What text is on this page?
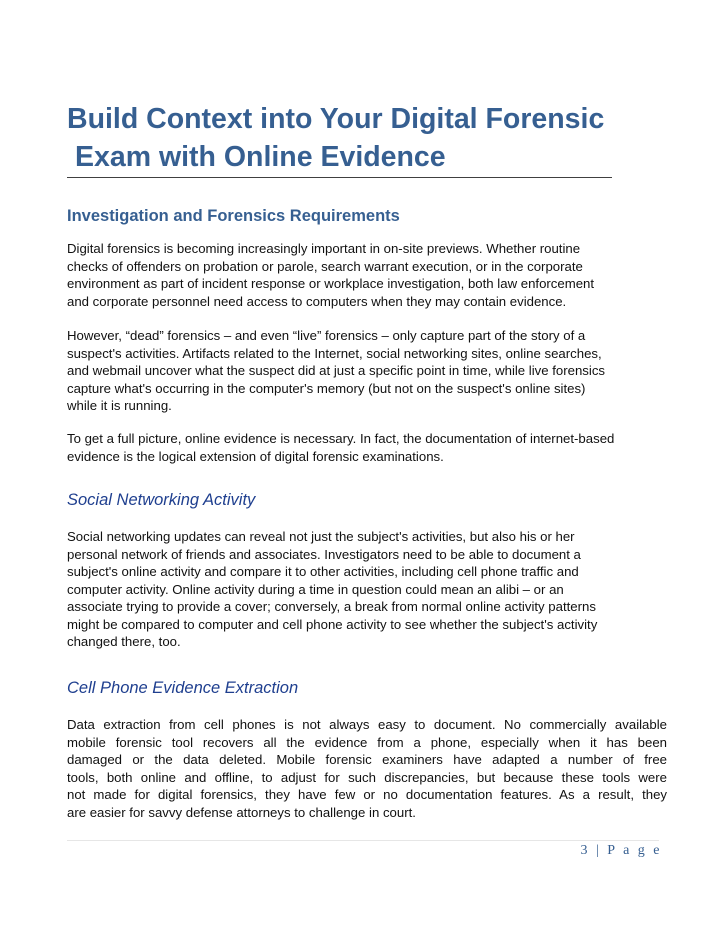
Build Context into Your Digital Forensic
Exam with Online Evidence
Investigation and Forensics Requirements

Digital forensics is becoming increasingly important in on-site previews. Whether routine
checks of offenders on probation or parole, search warrant execution, or in the corporate
environment as part of incident response or workplace investigation, both law enforcement
and corporate personnel need access to computers when they may contain evidence.

However, “dead” forensics – and even “live” forensics – only capture part of the story of a
suspect's activities. Artifacts related to the Internet, social networking sites, online searches,
and webmail uncover what the suspect did at just a specific point in time, while live forensics
capture what's occurring in the computer's memory (but not on the suspect's online sites)
while it is running.

To get a full picture, online evidence is necessary. In fact, the documentation of internet-based
evidence is the logical extension of digital forensic examinations.

Social Networking Activity

Social networking updates can reveal not just the subject's activities, but also his or her
personal network of friends and associates. Investigators need to be able to document a
subject's online activity and compare it to other activities, including cell phone traffic and
computer activity. Online activity during a time in question could mean an alibi – or an
associate trying to provide a cover; conversely, a break from normal online activity patterns
might be compared to computer and cell phone activity to see whether the subject's activity
changed there, too.

Cell Phone Evidence Extraction

Data extraction from cell phones is not always easy to document. No commercially available
mobile forensic tool recovers all the evidence from a phone, especially when it has been
damaged or the data deleted. Mobile forensic examiners have adapted a number of free
tools, both online and offline, to adjust for such discrepancies, but because these tools were
not made for digital forensics, they have few or no documentation features. As a result, they
are easier for savvy defense attorneys to challenge in court.

3 | P a g e
